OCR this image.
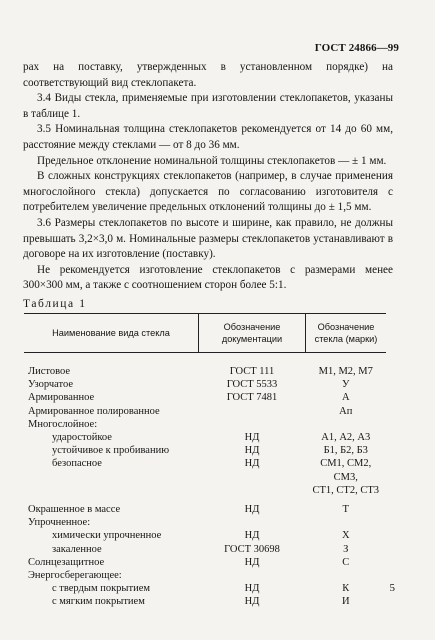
ГОСТ 24866—99

рах на поставку, утвержденных в установленном порядке) на соответствующий вид стеклопакета.

3.4 Виды стекла, применяемые при изготовлении стеклопакетов, указаны в таблице 1.

3.5 Номинальная толщина стеклопакетов рекомендуется от 14 до 60 мм, расстояние между стеклами — от 8 до 36 мм.

Предельное отклонение номинальной толщины стеклопакетов — ± 1 мм.

В сложных конструкциях стеклопакетов (например, в случае применения многослойного стекла) допускается по согласованию изготовителя с потребителем увеличение предельных отклонений толщины до ± 1,5 мм.

3.6 Размеры стеклопакетов по высоте и ширине, как правило, не должны превышать 3,2×3,0 м. Номинальные размеры стеклопакетов устанавливают в договоре на их изготовление (поставку).

Не рекомендуется изготовление стеклопакетов с размерами менее 300×300 мм, а также с соотношением сторон более 5:1.

Таблица 1
Наименование вида стекла	Обозначение документации	Обозначение стекла (марки)
Листовое	ГОСТ 111	М1, М2, М7
Узорчатое	ГОСТ 5533	У
Армированное	ГОСТ 7481	А
Армированное полированное		Ап
Многослойное:		
ударостойкое	НД	А1, А2, А3
устойчивое к пробиванию	НД	Б1, Б2, Б3
безопасное	НД	СМ1, СМ2, СМ3,
		СТ1, СТ2, СТ3
Окрашенное в массе	НД	Т
Упрочненное:		
химически упрочненное	НД	Х
закаленное	ГОСТ 30698	З
Солнцезащитное	НД	С
Энергосберегающее:		
с твердым покрытием	НД	К
с мягким покрытием	НД	И
5
